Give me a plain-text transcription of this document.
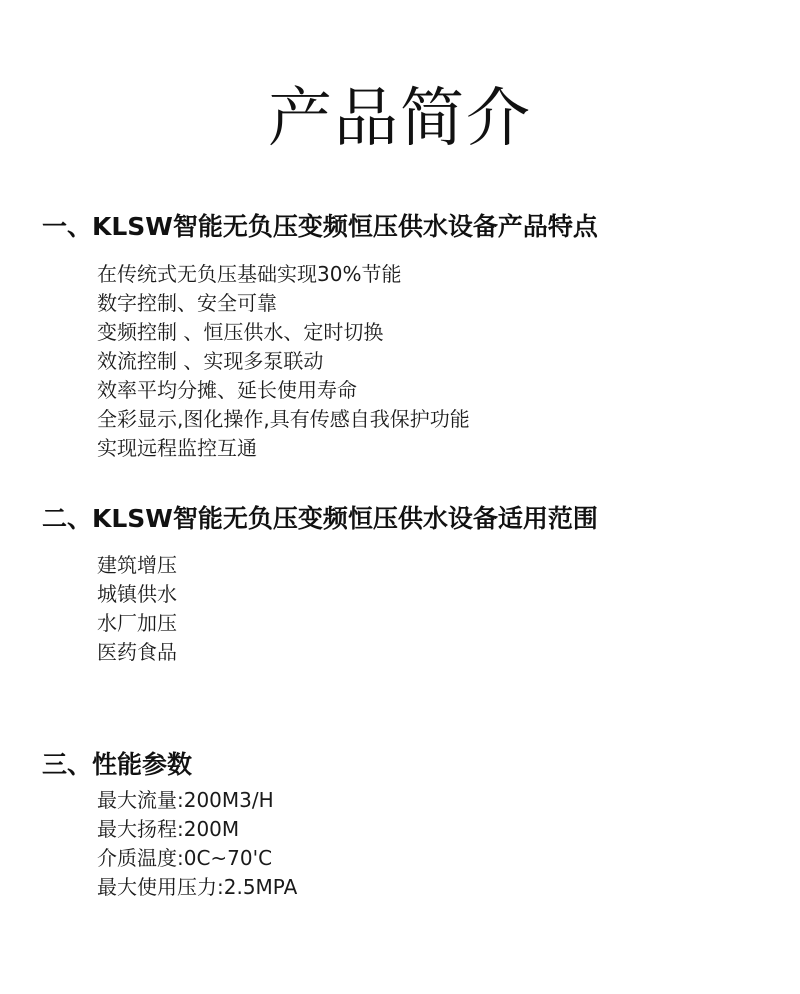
产品简介
一、KLSW智能无负压变频恒压供水设备产品特点
在传统式无负压基础实现30%节能
数字控制、安全可靠
变频控制 、恒压供水、定时切换
效流控制 、实现多泵联动
效率平均分摊、延长使用寿命
全彩显示,图化操作,具有传感自我保护功能
实现远程监控互通
二、KLSW智能无负压变频恒压供水设备适用范围
建筑增压
城镇供水
水厂加压
医药食品
三、性能参数
最大流量:200M3/H
最大扬程:200M
介质温度:0C~70'C
最大使用压力:2.5MPA
